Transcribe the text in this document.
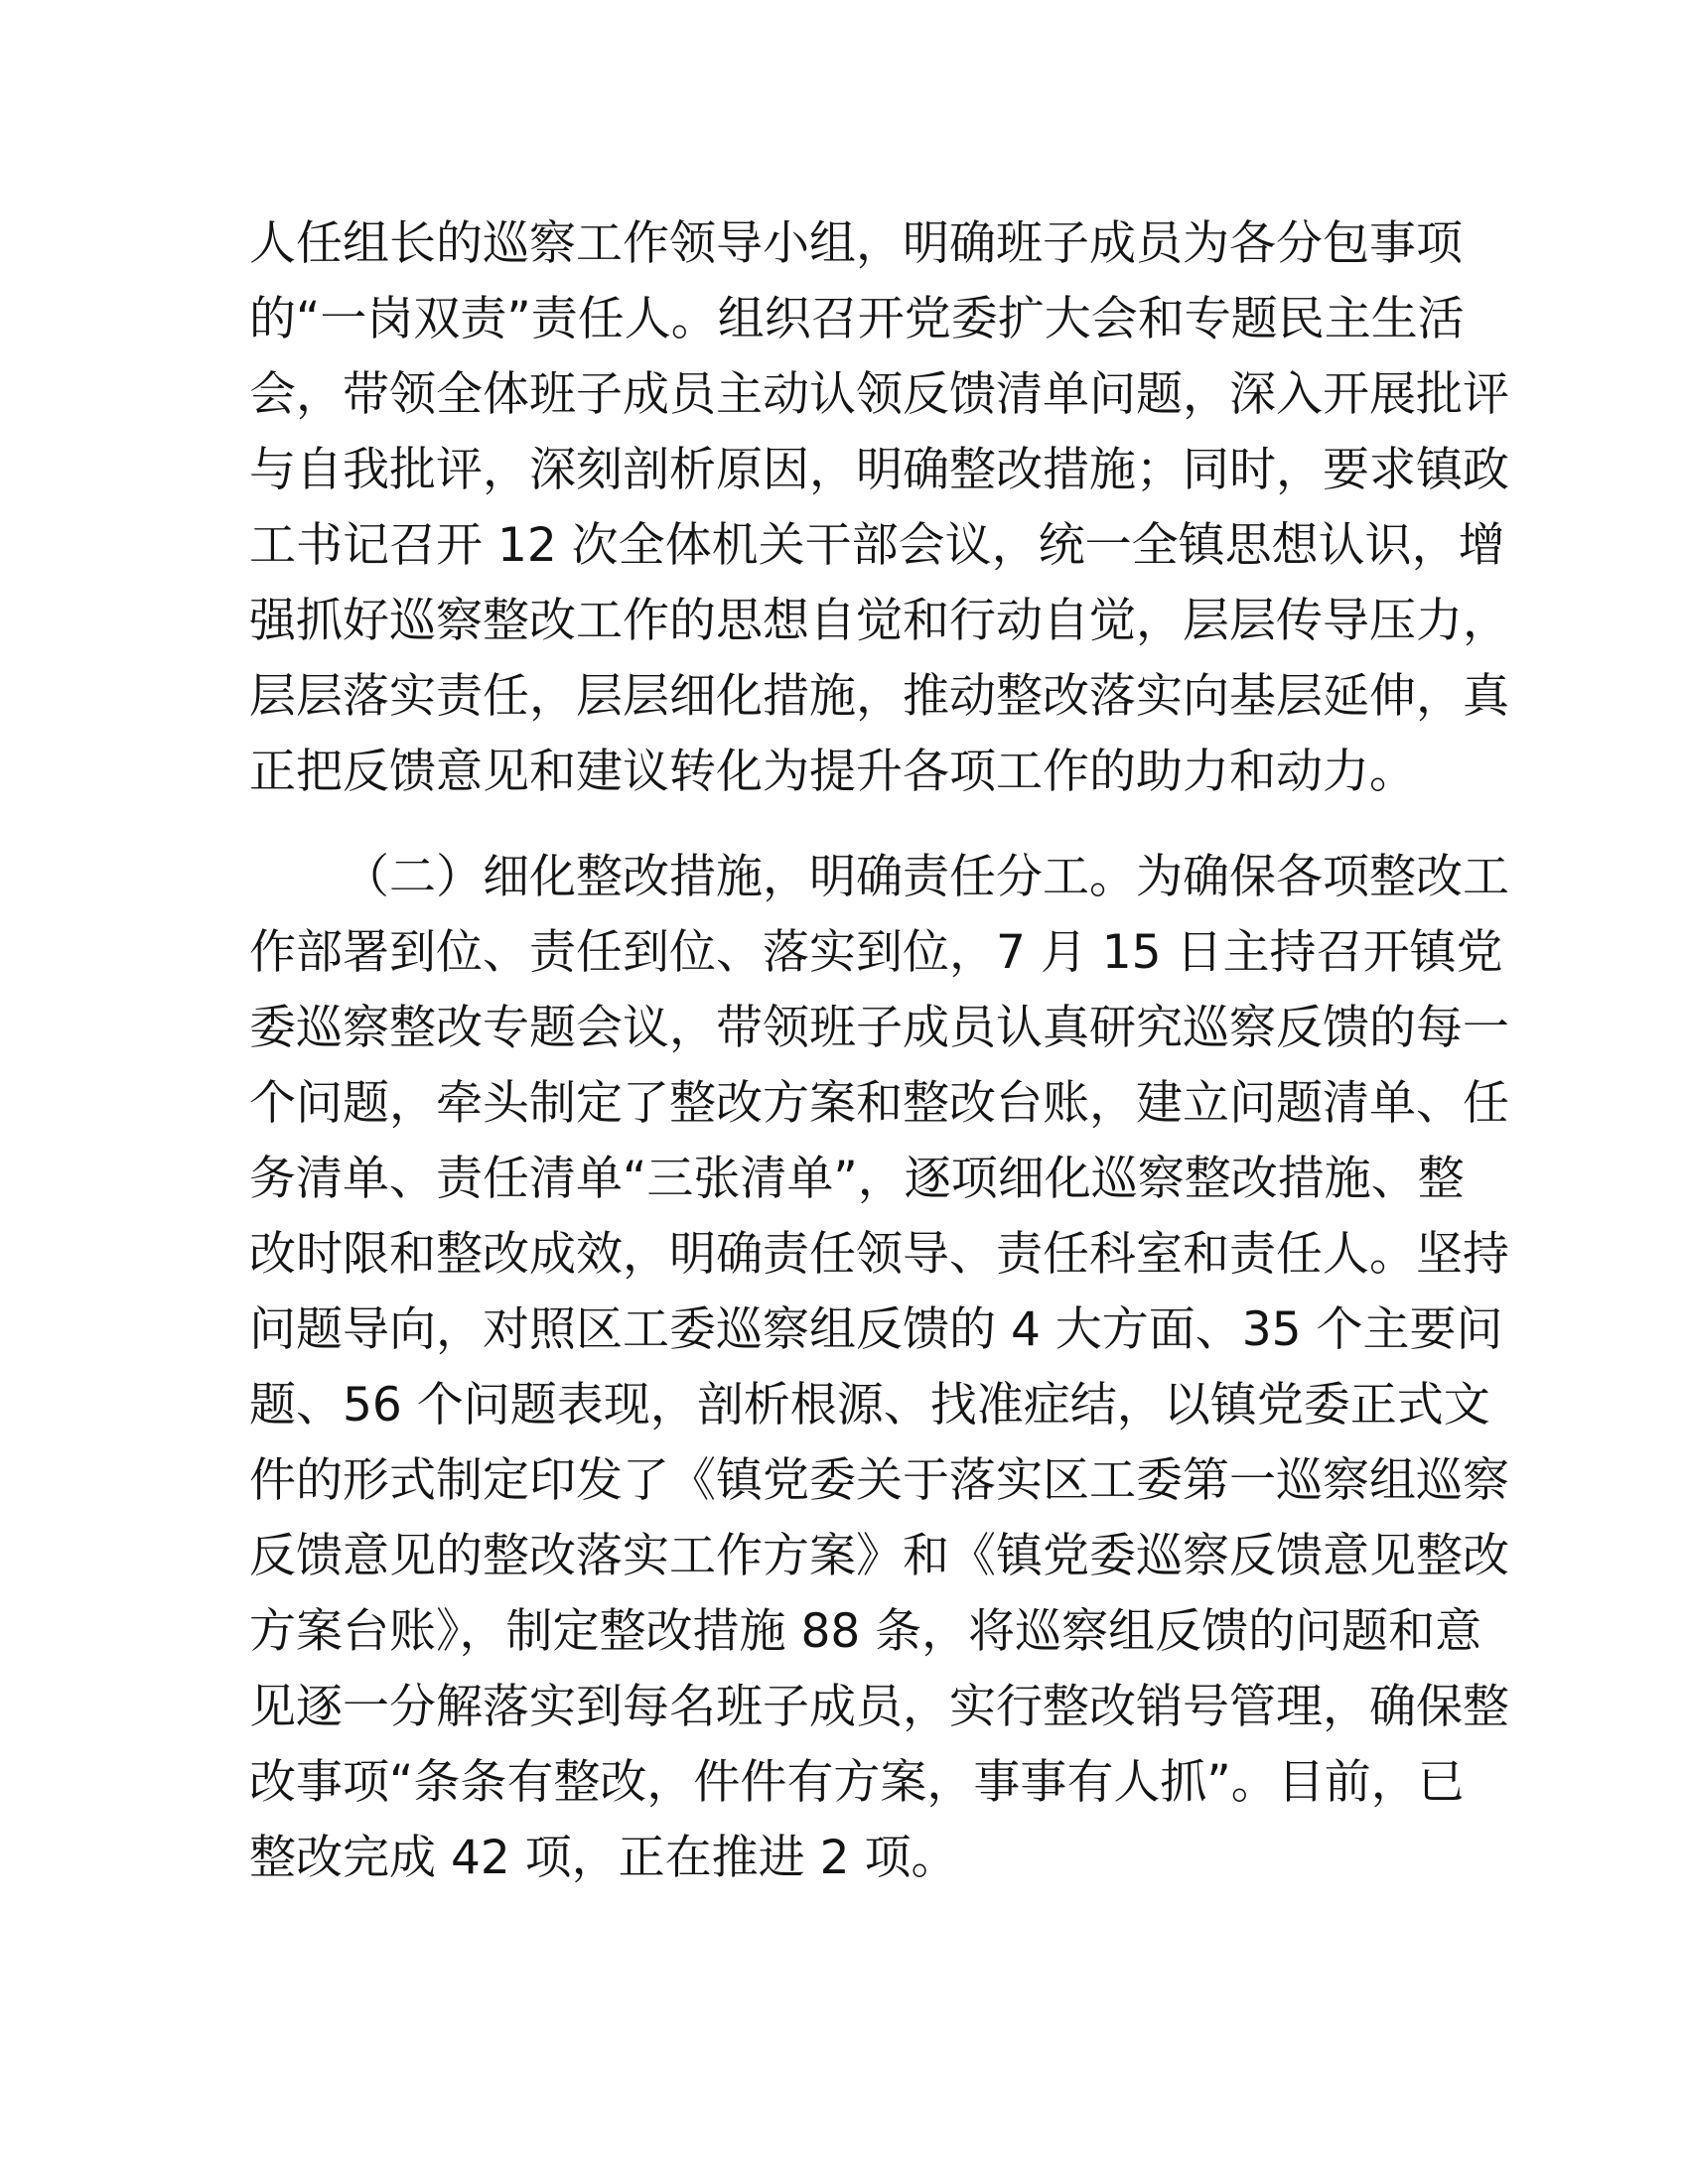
人任组长的巡察工作领导小组，明确班子成员为各分包事项

的“一岗双责”责任人。组织召开党委扩大会和专题民主生活

会，带领全体班子成员主动认领反馈清单问题，深入开展批评

与自我批评，深刻剖析原因，明确整改措施；同时，要求镇政

工书记召开 12 次全体机关干部会议，统一全镇思想认识，增

强抓好巡察整改工作的思想自觉和行动自觉，层层传导压力，

层层落实责任，层层细化措施，推动整改落实向基层延伸，真

正把反馈意见和建议转化为提升各项工作的助力和动力。

（二）细化整改措施，明确责任分工。为确保各项整改工

作部署到位、责任到位、落实到位，7 月 15 日主持召开镇党

委巡察整改专题会议，带领班子成员认真研究巡察反馈的每一

个问题，牵头制定了整改方案和整改台账，建立问题清单、任

务清单、责任清单“三张清单”，逐项细化巡察整改措施、整

改时限和整改成效，明确责任领导、责任科室和责任人。坚持

问题导向，对照区工委巡察组反馈的 4 大方面、35 个主要问

题、56 个问题表现，剖析根源、找准症结，以镇党委正式文

件的形式制定印发了《镇党委关于落实区工委第一巡察组巡察

反馈意见的整改落实工作方案》和《镇党委巡察反馈意见整改

方案台账》，制定整改措施 88 条，将巡察组反馈的问题和意

见逐一分解落实到每名班子成员，实行整改销号管理，确保整

改事项“条条有整改，件件有方案，事事有人抓”。目前，已

整改完成 42 项，正在推进 2 项。
